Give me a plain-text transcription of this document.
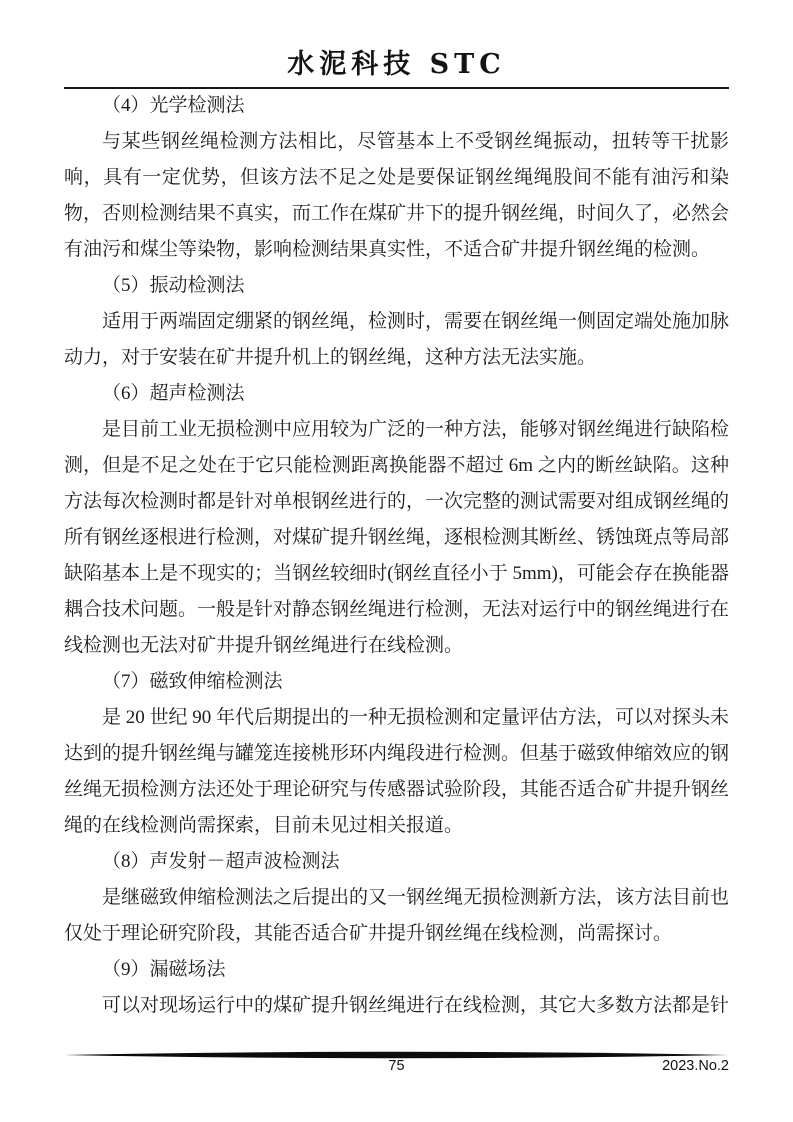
水泥科技 STC

（4）光学检测法

与某些钢丝绳检测方法相比，尽管基本上不受钢丝绳振动，扭转等干扰影响，具有一定优势，但该方法不足之处是要保证钢丝绳绳股间不能有油污和染物，否则检测结果不真实，而工作在煤矿井下的提升钢丝绳，时间久了，必然会有油污和煤尘等染物，影响检测结果真实性，不适合矿井提升钢丝绳的检测。

（5）振动检测法

适用于两端固定绷紧的钢丝绳，检测时，需要在钢丝绳一侧固定端处施加脉动力，对于安装在矿井提升机上的钢丝绳，这种方法无法实施。

（6）超声检测法

是目前工业无损检测中应用较为广泛的一种方法，能够对钢丝绳进行缺陷检测，但是不足之处在于它只能检测距离换能器不超过 6m 之内的断丝缺陷。这种方法每次检测时都是针对单根钢丝进行的，一次完整的测试需要对组成钢丝绳的所有钢丝逐根进行检测，对煤矿提升钢丝绳，逐根检测其断丝、锈蚀斑点等局部缺陷基本上是不现实的；当钢丝较细时(钢丝直径小于 5mm)，可能会存在换能器耦合技术问题。一般是针对静态钢丝绳进行检测，无法对运行中的钢丝绳进行在线检测也无法对矿井提升钢丝绳进行在线检测。

（7）磁致伸缩检测法

是 20 世纪 90 年代后期提出的一种无损检测和定量评估方法，可以对探头未达到的提升钢丝绳与罐笼连接桃形环内绳段进行检测。但基于磁致伸缩效应的钢丝绳无损检测方法还处于理论研究与传感器试验阶段，其能否适合矿井提升钢丝绳的在线检测尚需探索，目前未见过相关报道。

（8）声发射－超声波检测法

是继磁致伸缩检测法之后提出的又一钢丝绳无损检测新方法，该方法目前也仅处于理论研究阶段，其能否适合矿井提升钢丝绳在线检测，尚需探讨。

（9）漏磁场法

可以对现场运行中的煤矿提升钢丝绳进行在线检测，其它大多数方法都是针

75	2023.No.2
